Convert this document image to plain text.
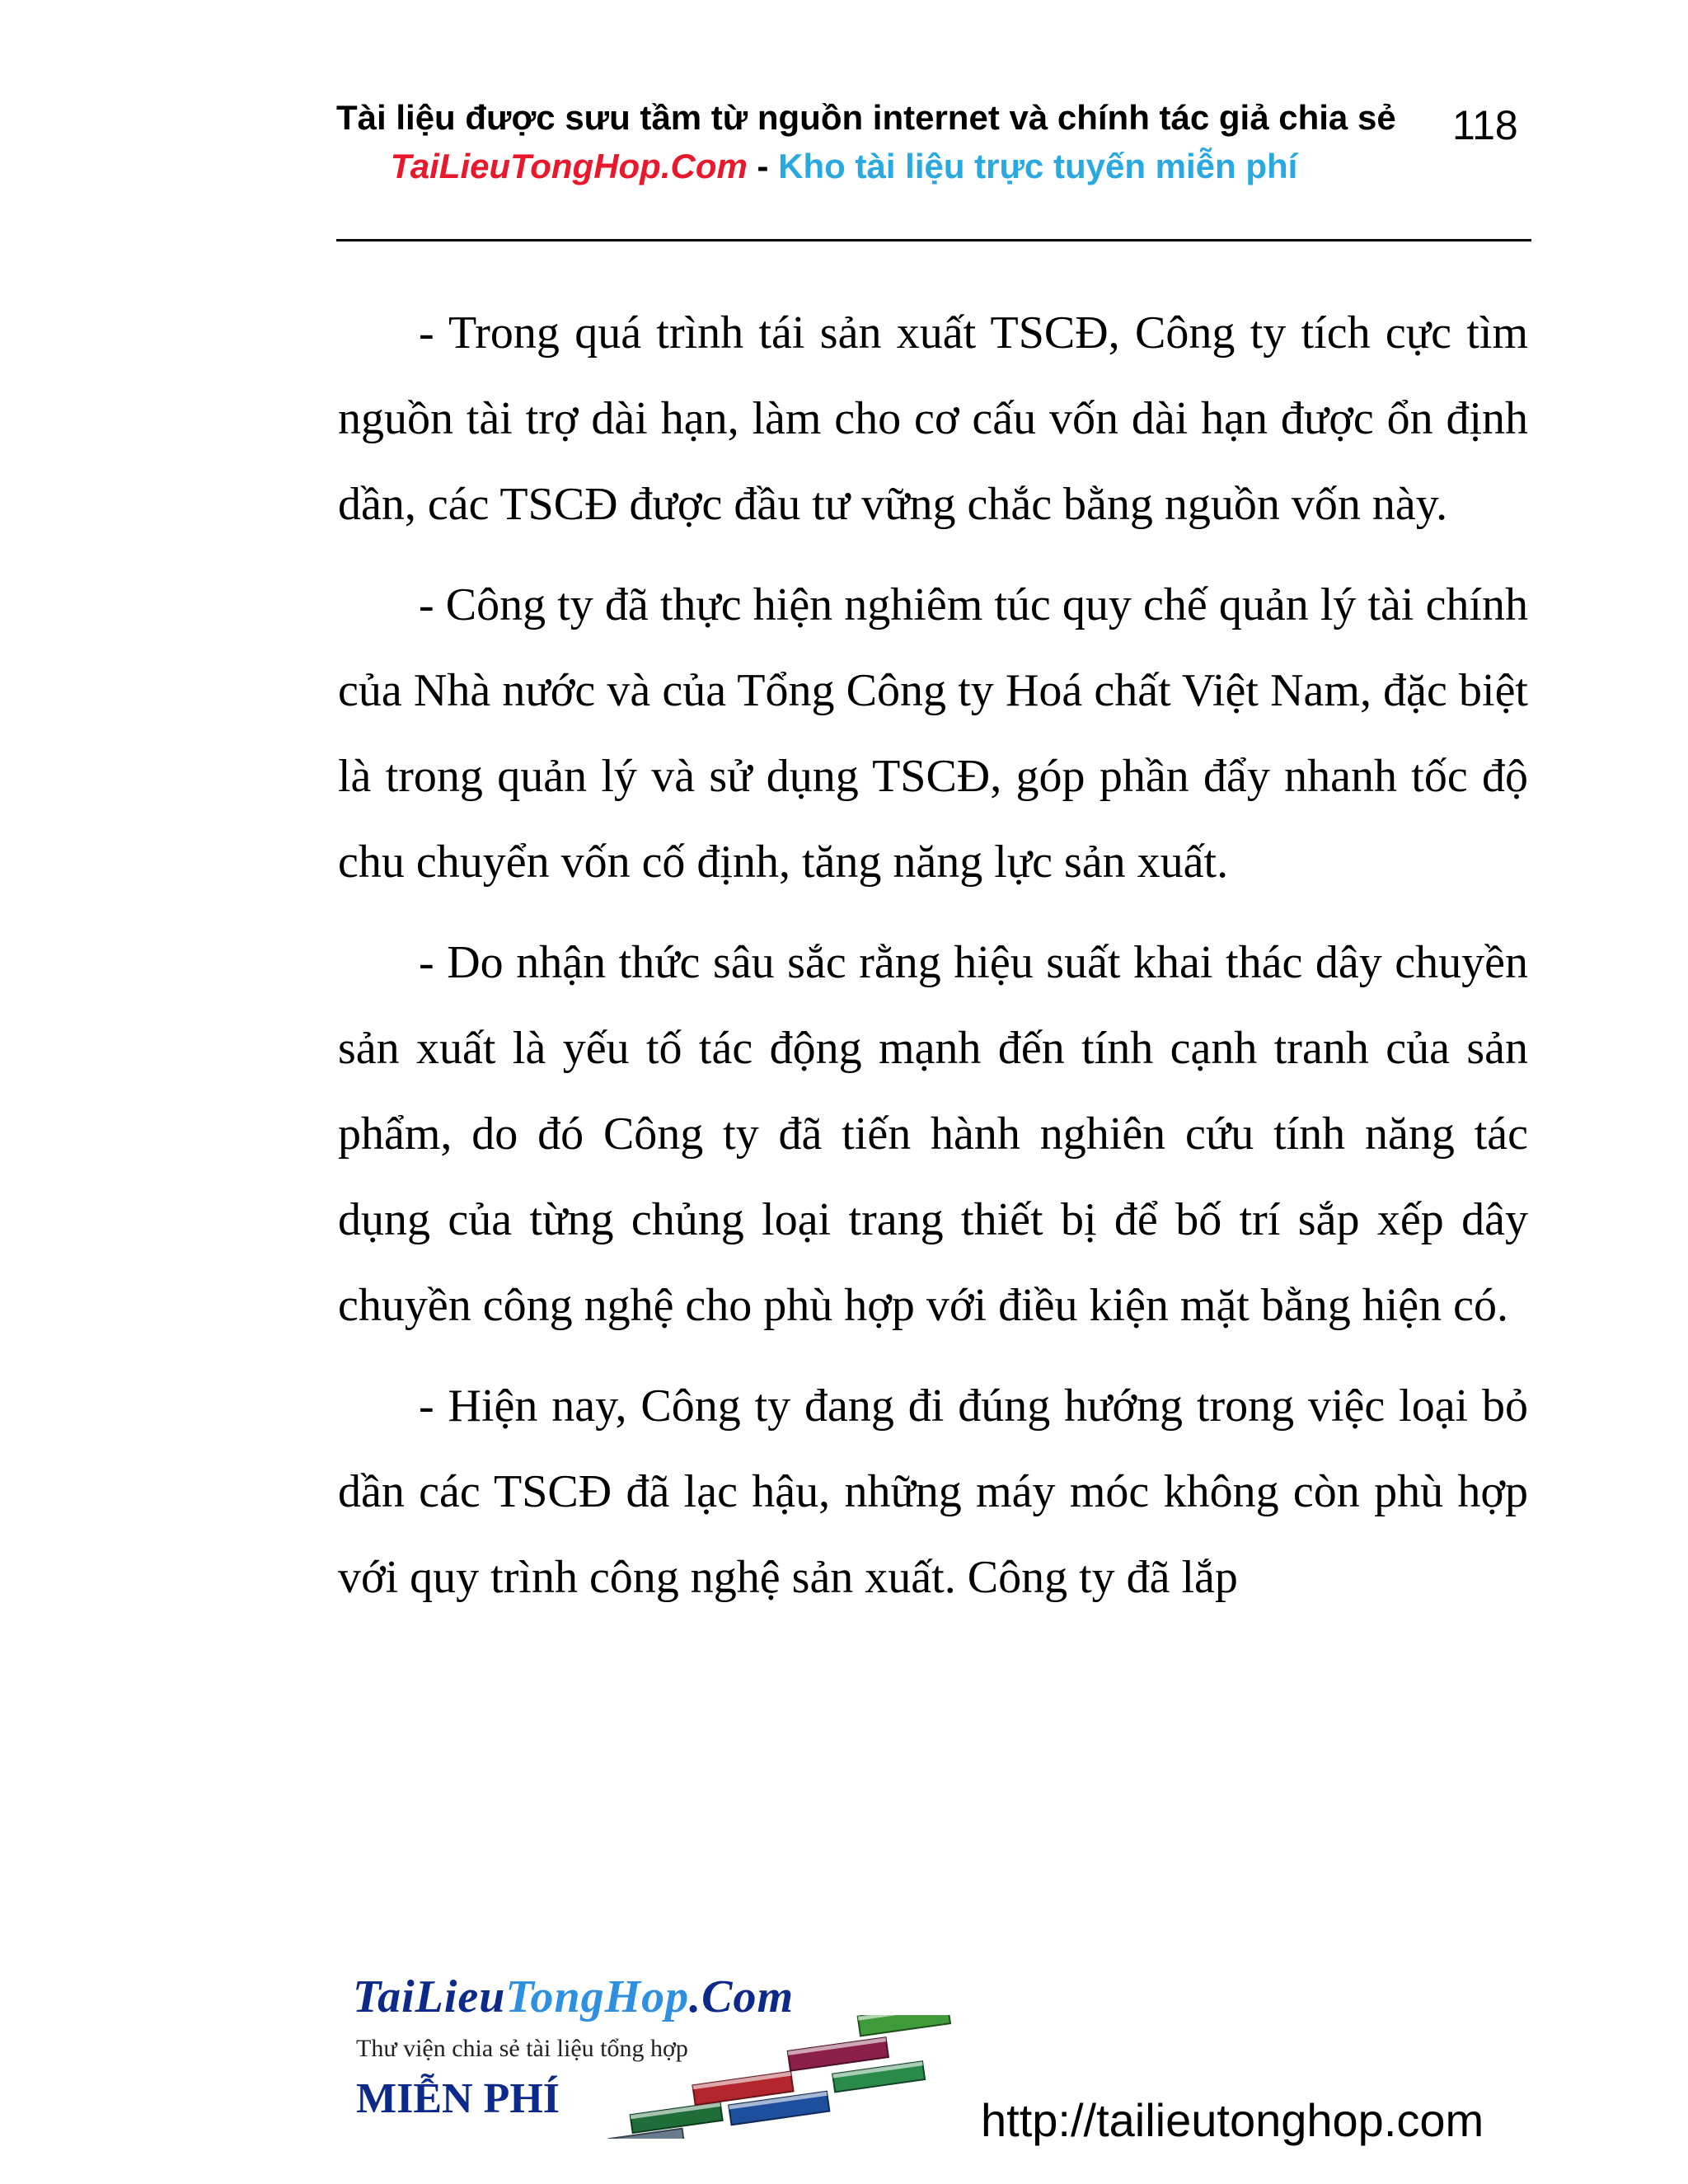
Tài liệu được sưu tầm từ nguồn internet và chính tác giả chia sẻ	118
TaiLieuTongHop.Com - Kho tài liệu trực tuyến miễn phí

- Trong quá trình tái sản xuất TSCĐ, Công ty tích cực tìm nguồn tài trợ dài hạn, làm cho cơ cấu vốn dài hạn được ổn định dần, các TSCĐ được đầu tư vững chắc bằng nguồn vốn này.

- Công ty đã thực hiện nghiêm túc quy chế quản lý tài chính của Nhà nước và của Tổng Công ty Hoá chất Việt Nam, đặc biệt là trong quản lý và sử dụng TSCĐ, góp phần đẩy nhanh tốc độ chu chuyển vốn cố định, tăng năng lực sản xuất.

- Do nhận thức sâu sắc rằng hiệu suất khai thác dây chuyền sản xuất là yếu tố tác động mạnh đến tính cạnh tranh của sản phẩm, do đó Công ty đã tiến hành nghiên cứu tính năng tác dụng của từng chủng loại trang thiết bị để bố trí sắp xếp dây chuyền công nghệ cho phù hợp với điều kiện mặt bằng hiện có.

- Hiện nay, Công ty đang đi đúng hướng trong việc loại bỏ dần các TSCĐ đã lạc hậu, những máy móc không còn phù hợp với quy trình công nghệ sản xuất. Công ty đã lắp

TaiLieuTongHop.Com
Thư viện chia sẻ tài liệu tổng hợp
MIỄN PHÍ	http://tailieutonghop.com
